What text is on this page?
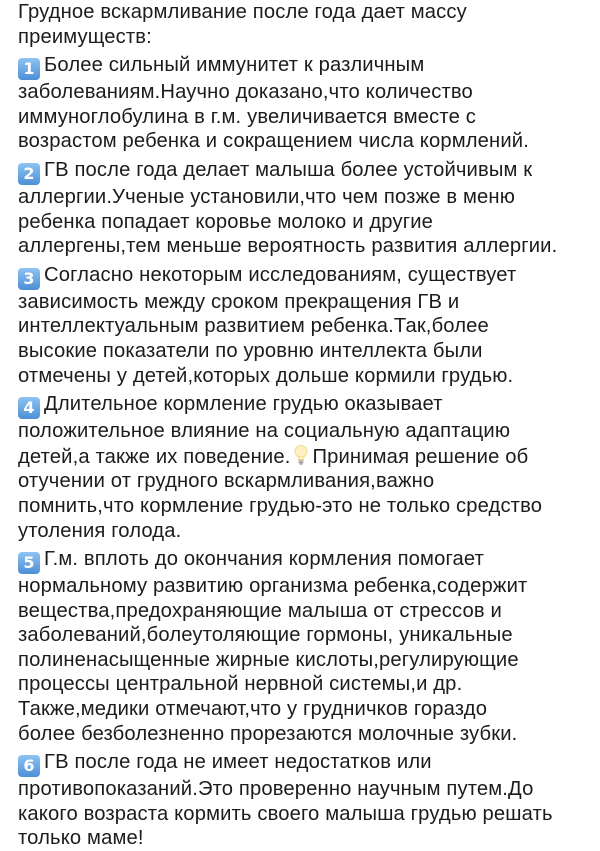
Грудное вскармливание после года дает массу
преимуществ:

1 Более сильный иммунитет к различным
заболеваниям.Научно доказано,что количество
иммуноглобулина в г.м. увеличивается вместе с
возрастом ребенка и сокращением числа кормлений.

2 ГВ после года делает малыша более устойчивым к
аллергии.Ученые установили,что чем позже в меню
ребенка попадает коровье молоко и другие
аллергены,тем меньше вероятность развития аллергии.

3 Согласно некоторым исследованиям, существует
зависимость между сроком прекращения ГВ и
интеллектуальным развитием ребенка.Так,более
высокие показатели по уровню интеллекта были
отмечены у детей,которых дольше кормили грудью.

4 Длительное кормление грудью оказывает
положительное влияние на социальную адаптацию
детей,а также их поведение. Принимая решение об
отучении от грудного вскармливания,важно
помнить,что кормление грудью-это не только средство
утоления голода.

5 Г.м. вплоть до окончания кормления помогает
нормальному развитию организма ребенка,содержит
вещества,предохраняющие малыша от стрессов и
заболеваний,болеутоляющие гормоны, уникальные
полиненасыщенные жирные кислоты,регулирующие
процессы центральной нервной системы,и др.
Также,медики отмечают,что у грудничков гораздо
более безболезненно прорезаются молочные зубки.

6 ГВ после года не имеет недостатков или
противопоказаний.Это проверенно научным путем.До
какого возраста кормить своего малыша грудью решать
только маме!
